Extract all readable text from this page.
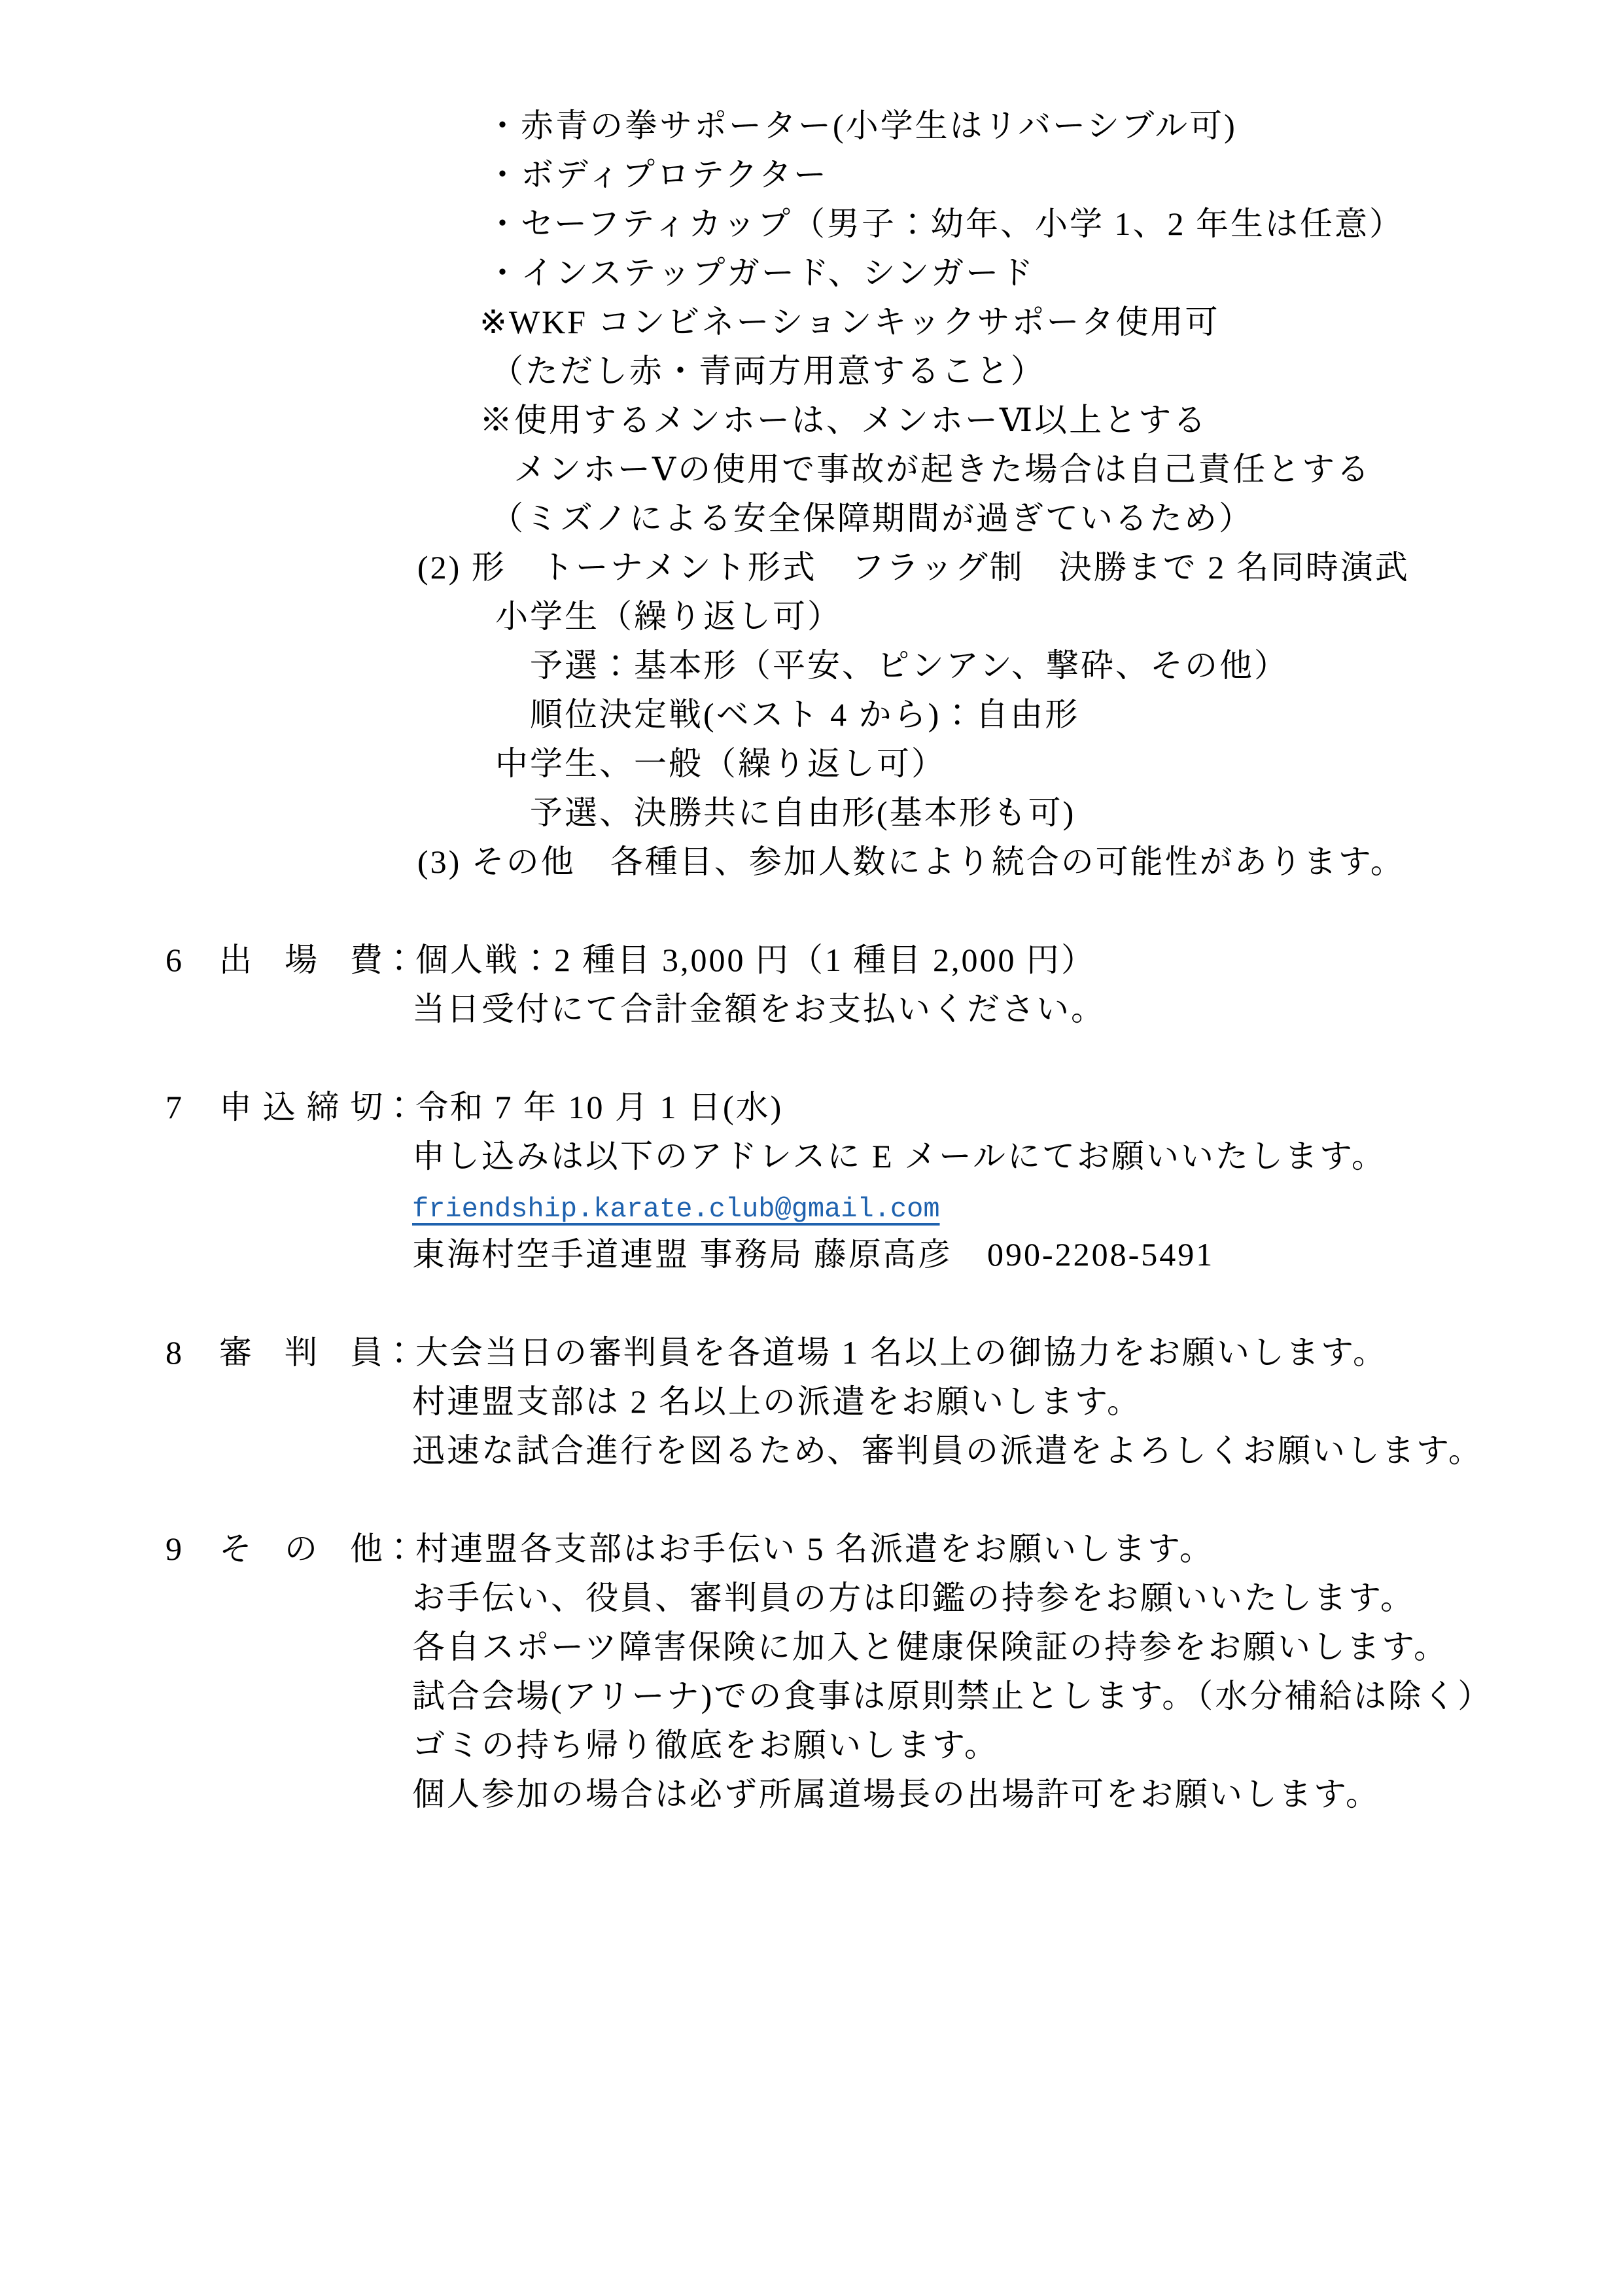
・赤青の拳サポーター(小学生はリバーシブル可)
・ボディプロテクター
・セーフティカップ（男子：幼年、小学 1、2 年生は任意）
・インステップガード、シンガード
※WKF コンビネーションキックサポータ使用可
（ただし赤・青両方用意すること）
※使用するメンホーは、メンホーⅥ以上とする
メンホーⅤの使用で事故が起きた場合は自己責任とする
（ミズノによる安全保障期間が過ぎているため）
(2) 形　トーナメント形式　フラッグ制　決勝まで 2 名同時演武
小学生（繰り返し可）
予選：基本形（平安、ピンアン、撃砕、その他）
順位決定戦(ベスト 4 から)：自由形
中学生、一般（繰り返し可）
予選、決勝共に自由形(基本形も可)
(3) その他　各種目、参加人数により統合の可能性があります。
6 出　場　費：個人戦：2 種目 3,000 円（1 種目 2,000 円）
当日受付にて合計金額をお支払いください。
7 申込締切：令和 7 年 10 月 1 日(水)
申し込みは以下のアドレスに E メールにてお願いいたします。
friendship.karate.club@gmail.com
東海村空手道連盟 事務局 藤原高彦　090-2208-5491
8 審　判　員：大会当日の審判員を各道場 1 名以上の御協力をお願いします。
村連盟支部は 2 名以上の派遣をお願いします。
迅速な試合進行を図るため、審判員の派遣をよろしくお願いします。
9 そ　の　他：村連盟各支部はお手伝い 5 名派遣をお願いします。
お手伝い、役員、審判員の方は印鑑の持参をお願いいたします。
各自スポーツ障害保険に加入と健康保険証の持参をお願いします。
試合会場(アリーナ)での食事は原則禁止とします。（水分補給は除く）
ゴミの持ち帰り徹底をお願いします。
個人参加の場合は必ず所属道場長の出場許可をお願いします。
